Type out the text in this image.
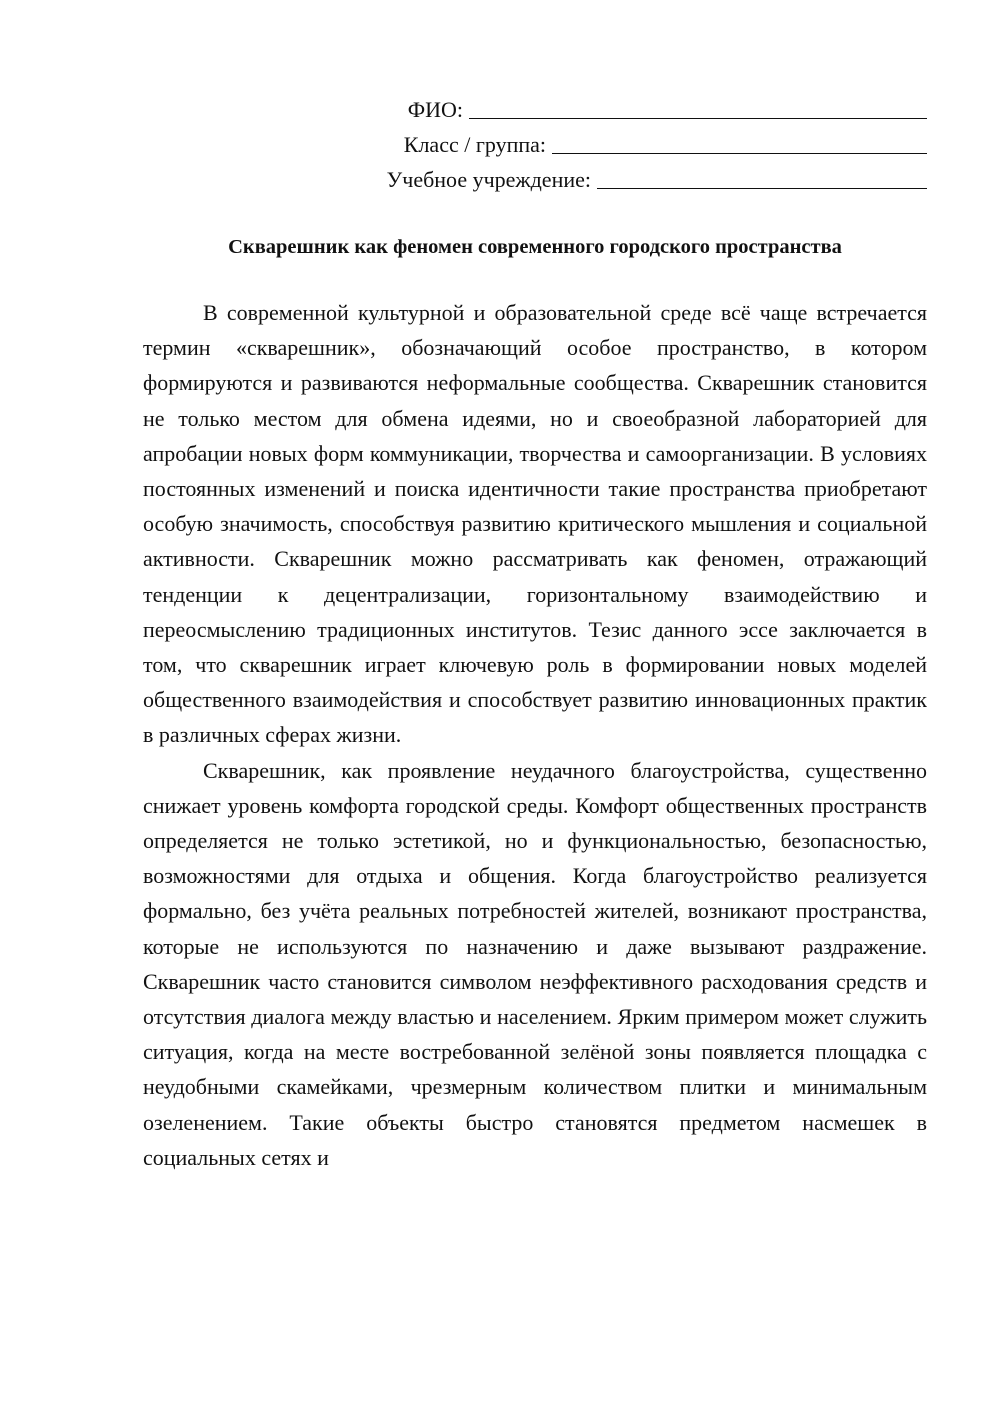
ФИО:
Класс / группа:
Учебное учреждение:
Скварешник как феномен современного городского пространства

В современной культурной и образовательной среде всё чаще встречается термин «скварешник», обозначающий особое пространство, в котором формируются и развиваются неформальные сообщества. Скварешник становится не только местом для обмена идеями, но и своеобразной лабораторией для апробации новых форм коммуникации, творчества и самоорганизации. В условиях постоянных изменений и поиска идентичности такие пространства приобретают особую значимость, способствуя развитию критического мышления и социальной активности. Скварешник можно рассматривать как феномен, отражающий тенденции к децентрализации, горизонтальному взаимодействию и переосмыслению традиционных институтов. Тезис данного эссе заключается в том, что скварешник играет ключевую роль в формировании новых моделей общественного взаимодействия и способствует развитию инновационных практик в различных сферах жизни.

Скварешник, как проявление неудачного благоустройства, существенно снижает уровень комфорта городской среды. Комфорт общественных пространств определяется не только эстетикой, но и функциональностью, безопасностью, возможностями для отдыха и общения. Когда благоустройство реализуется формально, без учёта реальных потребностей жителей, возникают пространства, которые не используются по назначению и даже вызывают раздражение. Скварешник часто становится символом неэффективного расходования средств и отсутствия диалога между властью и населением. Ярким примером может служить ситуация, когда на месте востребованной зелёной зоны появляется площадка с неудобными скамейками, чрезмерным количеством плитки и минимальным озеленением. Такие объекты быстро становятся предметом насмешек в социальных сетях и
